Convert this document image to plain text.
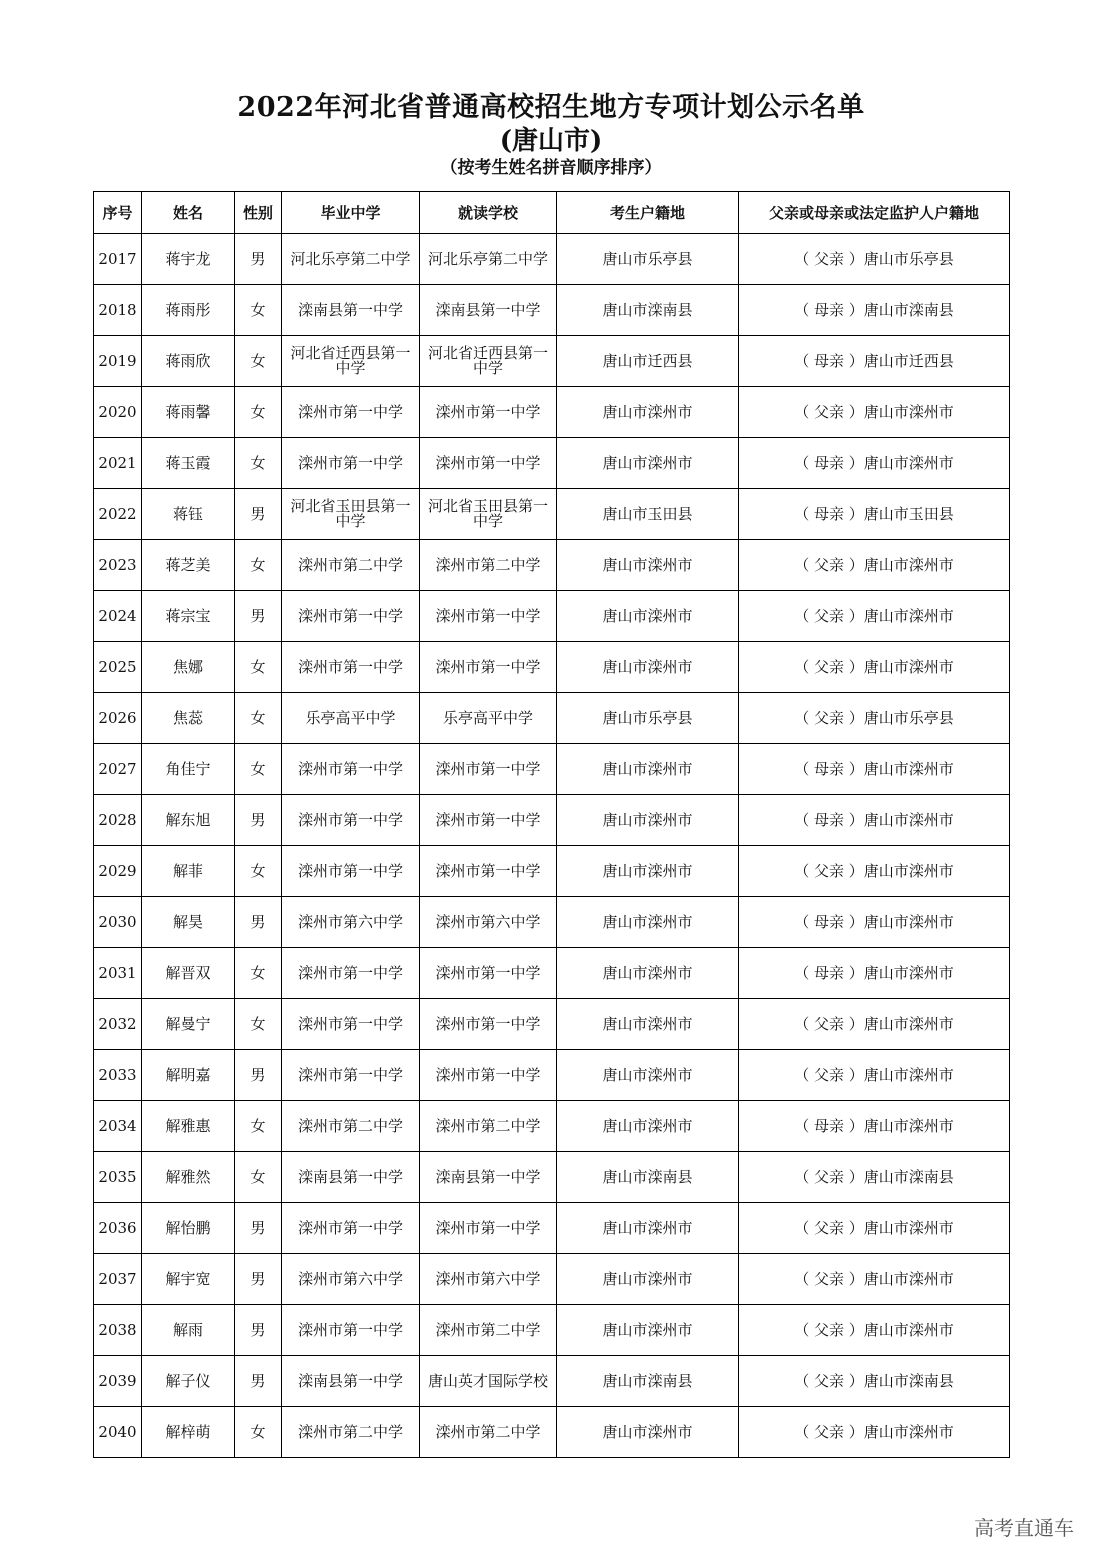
2022年河北省普通高校招生地方专项计划公示名单
(唐山市)
（按考生姓名拼音顺序排序）
序号	姓名	性别	毕业中学	就读学校	考生户籍地	父亲或母亲或法定监护人户籍地
2017	蒋宇龙	男	河北乐亭第二中学	河北乐亭第二中学	唐山市乐亭县	（ 父亲 ）唐山市乐亭县
2018	蒋雨彤	女	滦南县第一中学	滦南县第一中学	唐山市滦南县	（ 母亲 ）唐山市滦南县
2019	蒋雨欣	女	河北省迁西县第一中学	河北省迁西县第一中学	唐山市迁西县	（ 母亲 ）唐山市迁西县
2020	蒋雨馨	女	滦州市第一中学	滦州市第一中学	唐山市滦州市	（ 父亲 ）唐山市滦州市
2021	蒋玉霞	女	滦州市第一中学	滦州市第一中学	唐山市滦州市	（ 母亲 ）唐山市滦州市
2022	蒋钰	男	河北省玉田县第一中学	河北省玉田县第一中学	唐山市玉田县	（ 母亲 ）唐山市玉田县
2023	蒋芝美	女	滦州市第二中学	滦州市第二中学	唐山市滦州市	（ 父亲 ）唐山市滦州市
2024	蒋宗宝	男	滦州市第一中学	滦州市第一中学	唐山市滦州市	（ 父亲 ）唐山市滦州市
2025	焦娜	女	滦州市第一中学	滦州市第一中学	唐山市滦州市	（ 父亲 ）唐山市滦州市
2026	焦蕊	女	乐亭高平中学	乐亭高平中学	唐山市乐亭县	（ 父亲 ）唐山市乐亭县
2027	角佳宁	女	滦州市第一中学	滦州市第一中学	唐山市滦州市	（ 母亲 ）唐山市滦州市
2028	解东旭	男	滦州市第一中学	滦州市第一中学	唐山市滦州市	（ 母亲 ）唐山市滦州市
2029	解菲	女	滦州市第一中学	滦州市第一中学	唐山市滦州市	（ 父亲 ）唐山市滦州市
2030	解昊	男	滦州市第六中学	滦州市第六中学	唐山市滦州市	（ 母亲 ）唐山市滦州市
2031	解晋双	女	滦州市第一中学	滦州市第一中学	唐山市滦州市	（ 母亲 ）唐山市滦州市
2032	解曼宁	女	滦州市第一中学	滦州市第一中学	唐山市滦州市	（ 父亲 ）唐山市滦州市
2033	解明嘉	男	滦州市第一中学	滦州市第一中学	唐山市滦州市	（ 父亲 ）唐山市滦州市
2034	解雅惠	女	滦州市第二中学	滦州市第二中学	唐山市滦州市	（ 母亲 ）唐山市滦州市
2035	解雅然	女	滦南县第一中学	滦南县第一中学	唐山市滦南县	（ 父亲 ）唐山市滦南县
2036	解怡鹏	男	滦州市第一中学	滦州市第一中学	唐山市滦州市	（ 父亲 ）唐山市滦州市
2037	解宇宽	男	滦州市第六中学	滦州市第六中学	唐山市滦州市	（ 父亲 ）唐山市滦州市
2038	解雨	男	滦州市第一中学	滦州市第二中学	唐山市滦州市	（ 父亲 ）唐山市滦州市
2039	解子仪	男	滦南县第一中学	唐山英才国际学校	唐山市滦南县	（ 父亲 ）唐山市滦南县
2040	解梓萌	女	滦州市第二中学	滦州市第二中学	唐山市滦州市	（ 父亲 ）唐山市滦州市
高考直通车
